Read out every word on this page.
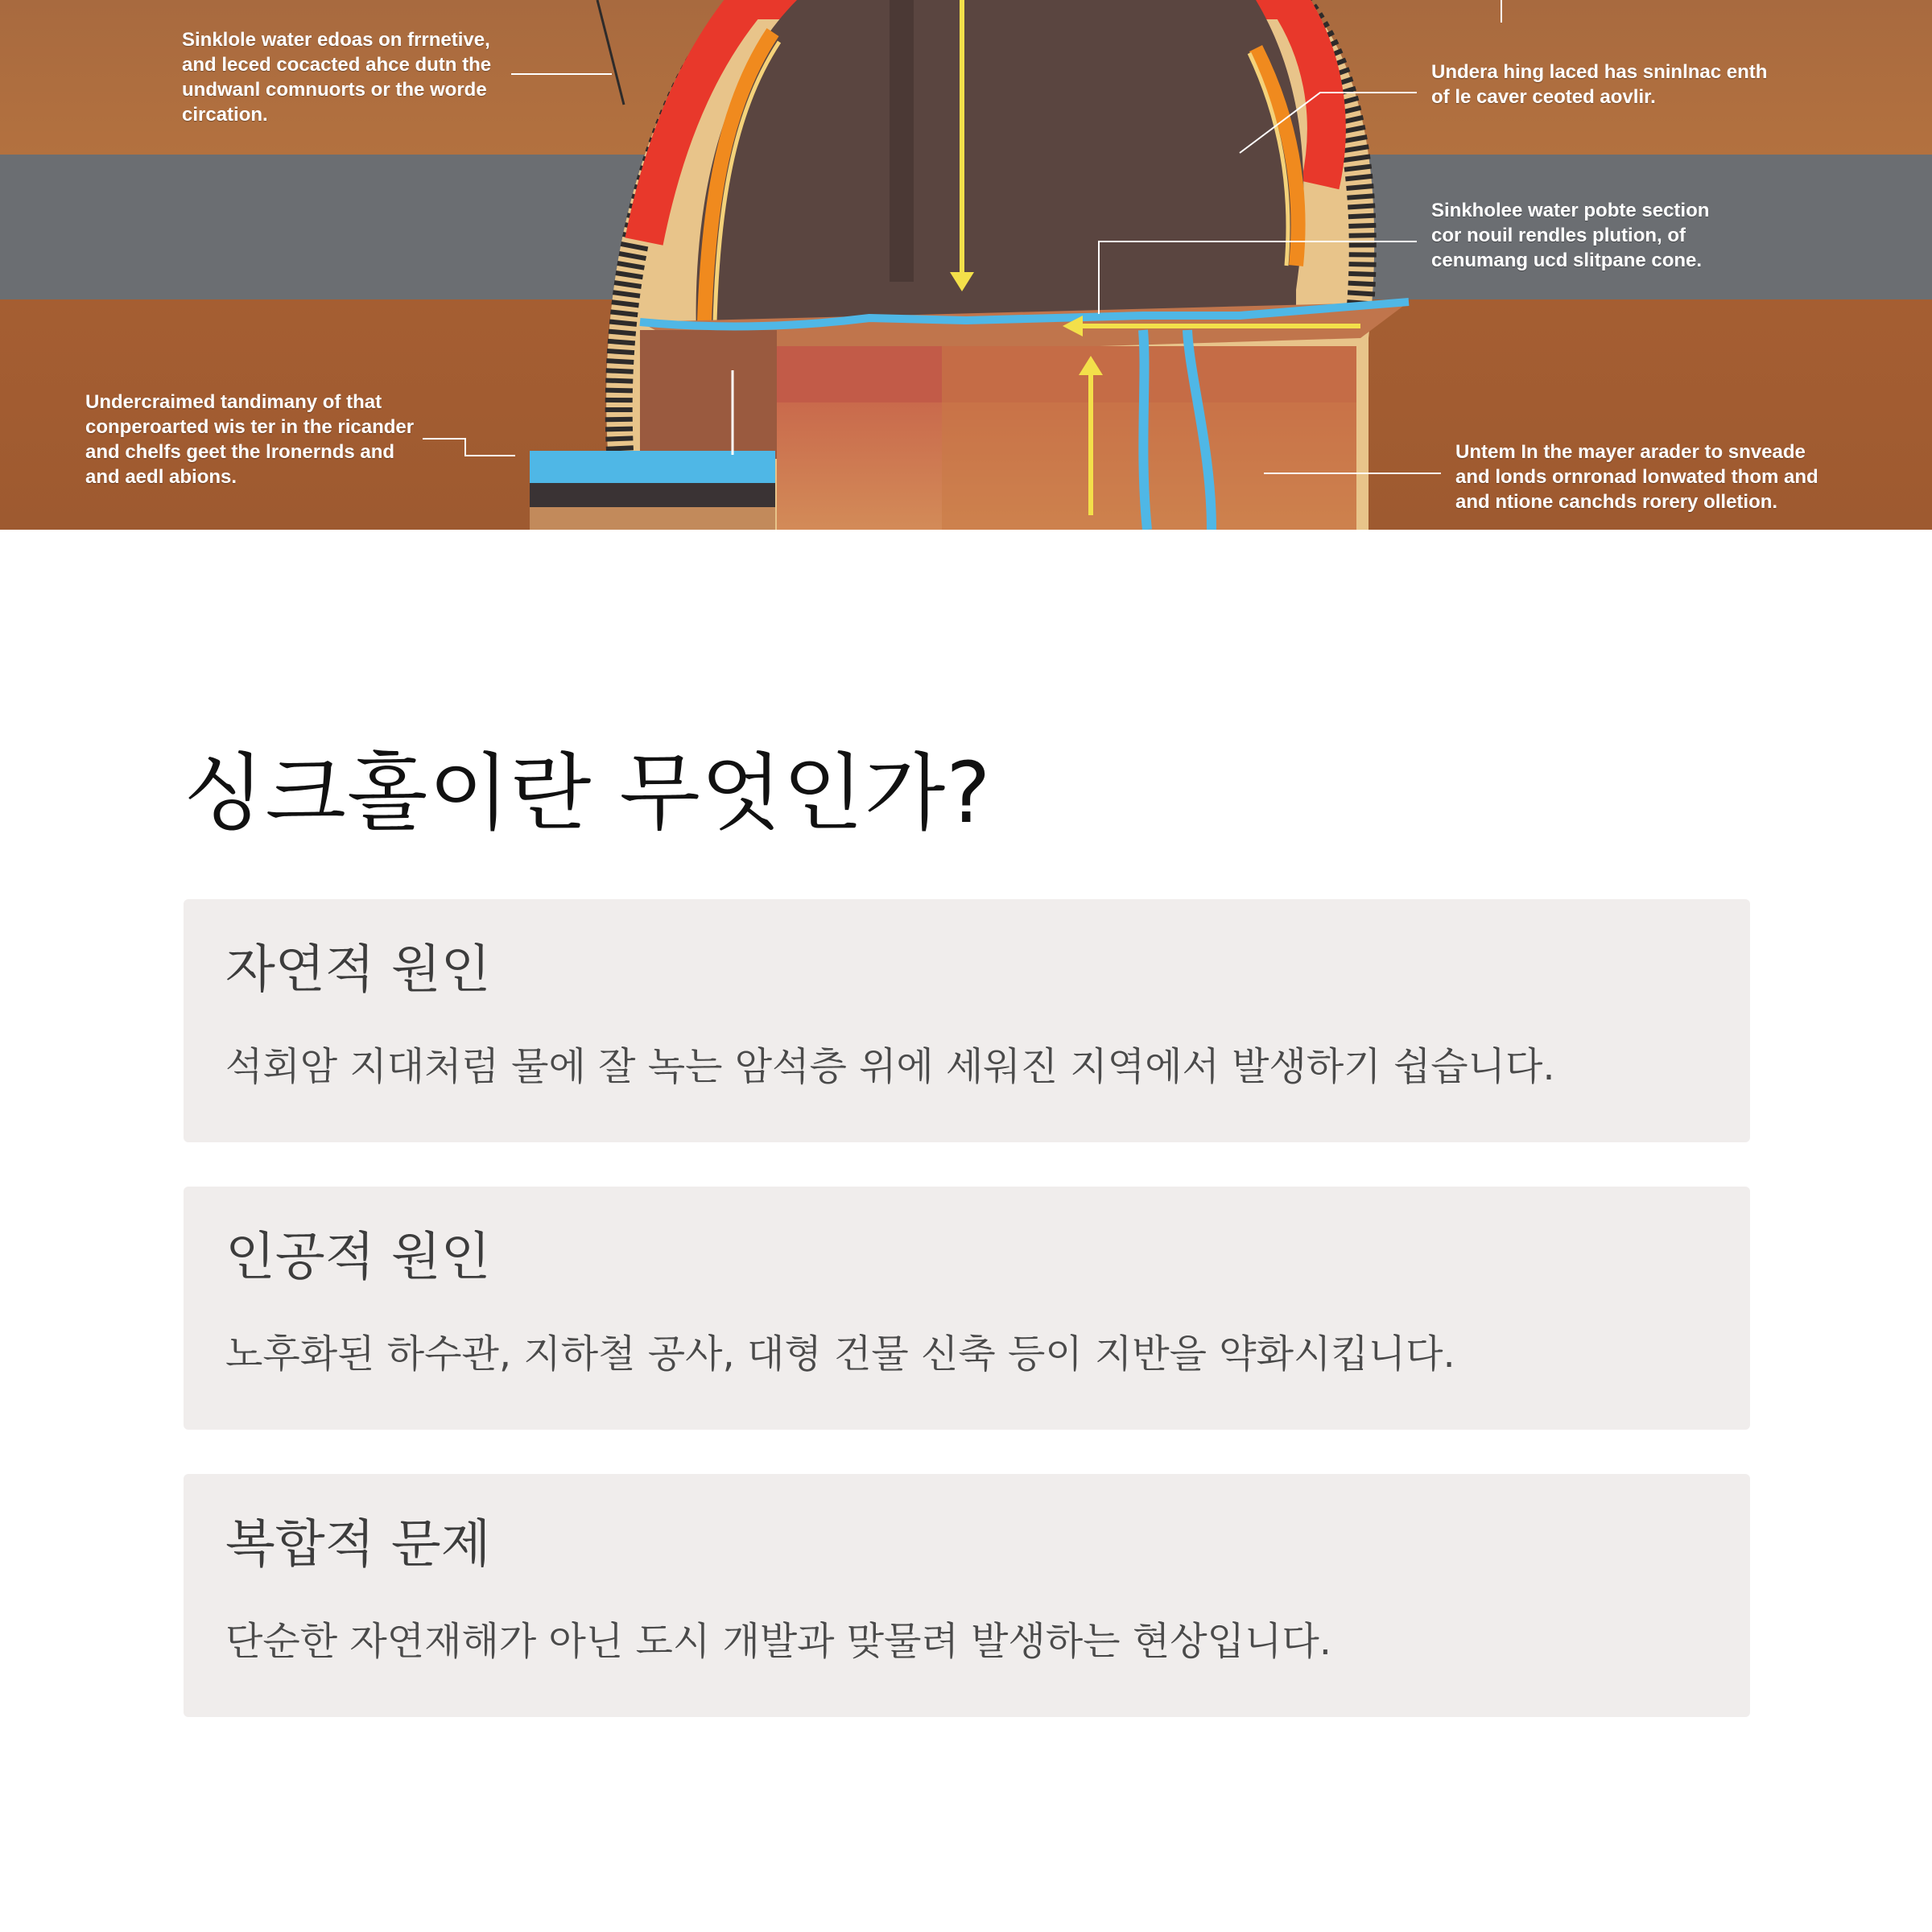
Sinklole water edoas on frrnetive,
and leced cocacted ahce dutn the
undwanl comnuorts or the worde
circation.
Undera hing laced has sninlnac enth
of le caver ceoted aovlir.
Sinkholee water pobte section
cor nouil rendles plution, of
cenumang ucd slitpane cone.
Undercraimed tandimany of that
conperoarted wis ter in the ricander
and chelfs geet the lronernds and
and aedl abions.
Untem In the mayer arader to snveade
and londs ornronad lonwated thom and
and ntione canchds rorery olletion.
싱크홀이란 무엇인가?
자연적 원인

석회암 지대처럼 물에 잘 녹는 암석층 위에 세워진 지역에서 발생하기 쉽습니다.

인공적 원인

노후화된 하수관, 지하철 공사, 대형 건물 신축 등이 지반을 약화시킵니다.

복합적 문제

단순한 자연재해가 아닌 도시 개발과 맞물려 발생하는 현상입니다.
